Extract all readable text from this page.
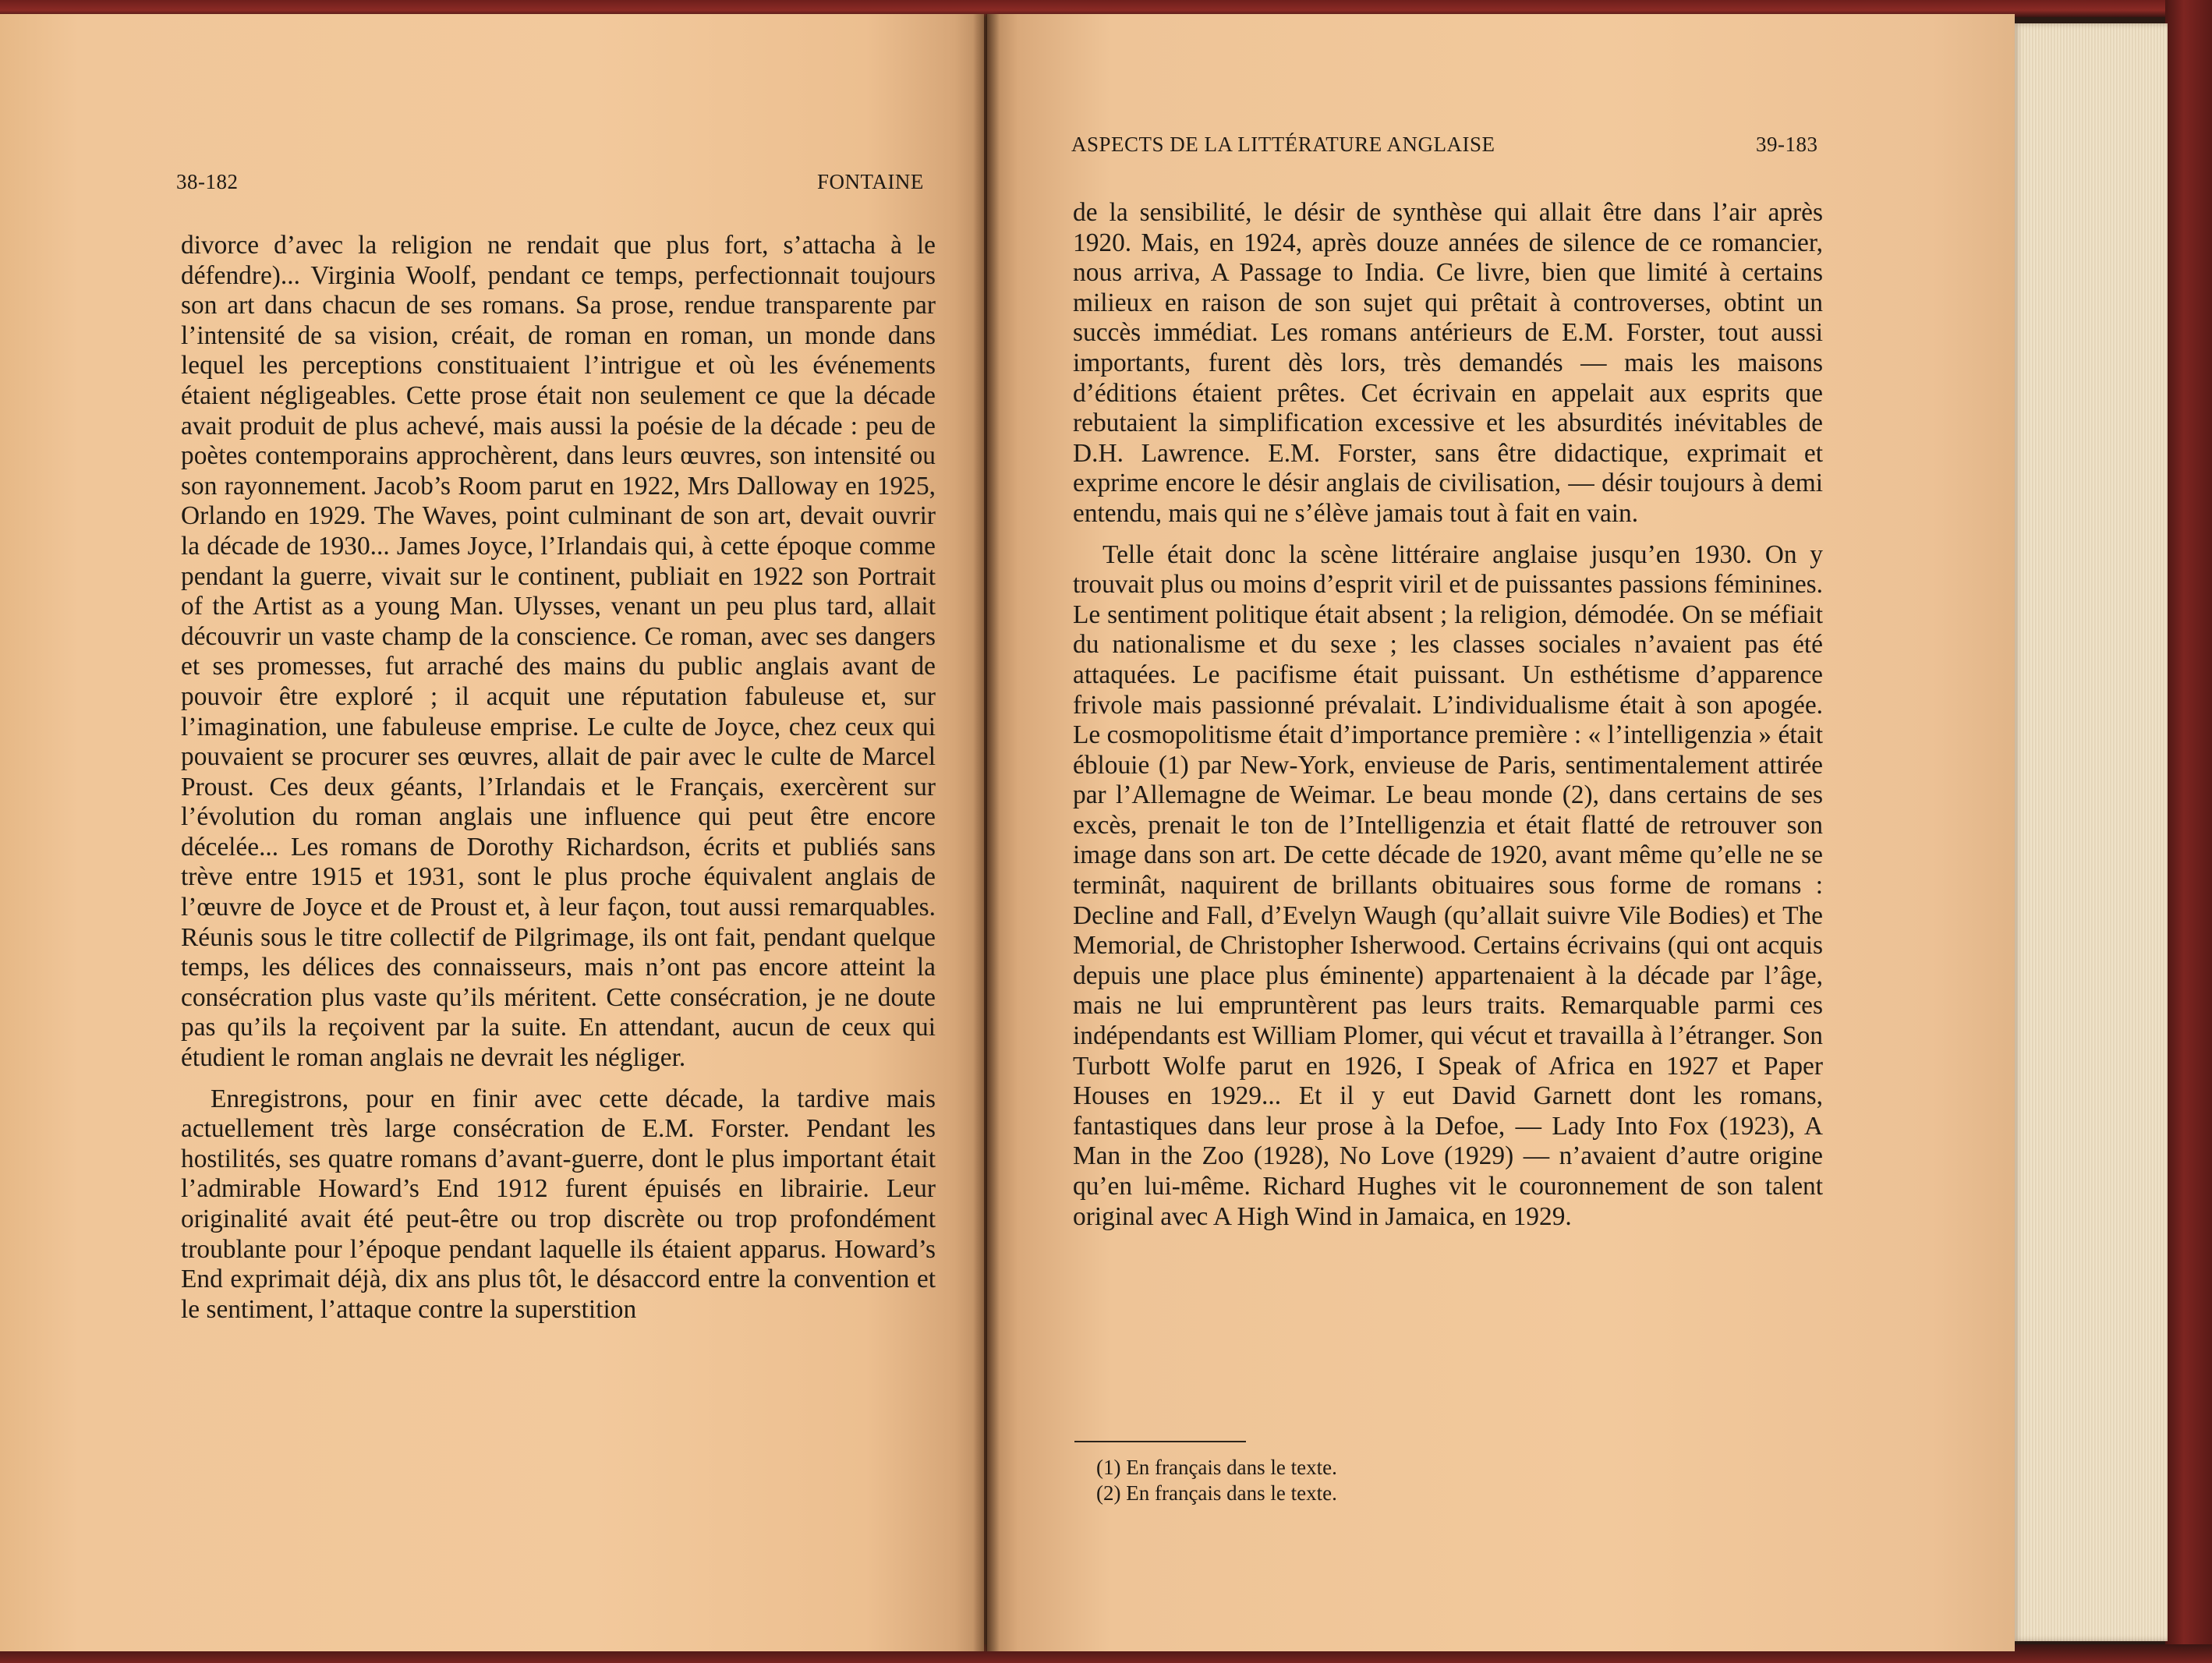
38-182	FONTAINE

divorce d’avec la religion ne rendait que plus fort, s’attacha à le défendre)... Virginia Woolf, pendant ce temps, perfectionnait toujours son art dans chacun de ses romans. Sa prose, rendue transparente par l’intensité de sa vision, créait, de roman en roman, un monde dans lequel les perceptions constituaient l’intrigue et où les événements étaient négligeables. Cette prose était non seulement ce que la décade avait produit de plus achevé, mais aussi la poésie de la décade : peu de poètes contemporains approchèrent, dans leurs œuvres, son intensité ou son rayonnement. Jacob’s Room parut en 1922, Mrs Dalloway en 1925, Orlando en 1929. The Waves, point culminant de son art, devait ouvrir la décade de 1930... James Joyce, l’Irlandais qui, à cette époque comme pendant la guerre, vivait sur le continent, publiait en 1922 son Portrait of the Artist as a young Man. Ulysses, venant un peu plus tard, allait découvrir un vaste champ de la conscience. Ce roman, avec ses dangers et ses promesses, fut arraché des mains du public anglais avant de pouvoir être exploré ; il acquit une réputation fabuleuse et, sur l’imagination, une fabuleuse emprise. Le culte de Joyce, chez ceux qui pouvaient se procurer ses œuvres, allait de pair avec le culte de Marcel Proust. Ces deux géants, l’Irlandais et le Français, exercèrent sur l’évolution du roman anglais une influence qui peut être encore décelée... Les romans de Dorothy Richardson, écrits et publiés sans trève entre 1915 et 1931, sont le plus proche équivalent anglais de l’œuvre de Joyce et de Proust et, à leur façon, tout aussi remarquables. Réunis sous le titre collectif de Pilgrimage, ils ont fait, pendant quelque temps, les délices des connaisseurs, mais n’ont pas encore atteint la consécration plus vaste qu’ils méritent. Cette consécration, je ne doute pas qu’ils la reçoivent par la suite. En attendant, aucun de ceux qui étudient le roman anglais ne devrait les négliger.

Enregistrons, pour en finir avec cette décade, la tardive mais actuellement très large consécration de E.M. Forster. Pendant les hostilités, ses quatre romans d’avant-guerre, dont le plus important était l’admirable Howard’s End 1912 furent épuisés en librairie. Leur originalité avait été peut-être ou trop discrète ou trop profondément troublante pour l’époque pendant laquelle ils étaient apparus. Howard’s End exprimait déjà, dix ans plus tôt, le désaccord entre la convention et le sentiment, l’attaque contre la superstition

ASPECTS DE LA LITTÉRATURE ANGLAISE	39-183

de la sensibilité, le désir de synthèse qui allait être dans l’air après 1920. Mais, en 1924, après douze années de silence de ce romancier, nous arriva, A Passage to India. Ce livre, bien que limité à certains milieux en raison de son sujet qui prêtait à controverses, obtint un succès immédiat. Les romans antérieurs de E.M. Forster, tout aussi importants, furent dès lors, très demandés — mais les maisons d’éditions étaient prêtes. Cet écrivain en appelait aux esprits que rebutaient la simplification excessive et les absurdités inévitables de D.H. Lawrence. E.M. Forster, sans être didactique, exprimait et exprime encore le désir anglais de civilisation, — désir toujours à demi entendu, mais qui ne s’élève jamais tout à fait en vain.

Telle était donc la scène littéraire anglaise jusqu’en 1930. On y trouvait plus ou moins d’esprit viril et de puissantes passions féminines. Le sentiment politique était absent ; la religion, démodée. On se méfiait du nationalisme et du sexe ; les classes sociales n’avaient pas été attaquées. Le pacifisme était puissant. Un esthétisme d’apparence frivole mais passionné prévalait. L’individualisme était à son apogée. Le cosmopolitisme était d’importance première : « l’intelligenzia » était éblouie (1) par New-York, envieuse de Paris, sentimentalement attirée par l’Allemagne de Weimar. Le beau monde (2), dans certains de ses excès, prenait le ton de l’Intelligenzia et était flatté de retrouver son image dans son art. De cette décade de 1920, avant même qu’elle ne se terminât, naquirent de brillants obituaires sous forme de romans : Decline and Fall, d’Evelyn Waugh (qu’allait suivre Vile Bodies) et The Memorial, de Christopher Isherwood. Certains écrivains (qui ont acquis depuis une place plus éminente) appartenaient à la décade par l’âge, mais ne lui empruntèrent pas leurs traits. Remarquable parmi ces indépendants est William Plomer, qui vécut et travailla à l’étranger. Son Turbott Wolfe parut en 1926, I Speak of Africa en 1927 et Paper Houses en 1929... Et il y eut David Garnett dont les romans, fantastiques dans leur prose à la Defoe, — Lady Into Fox (1923), A Man in the Zoo (1928), No Love (1929) — n’avaient d’autre origine qu’en lui-même. Richard Hughes vit le couronnement de son talent original avec A High Wind in Jamaica, en 1929.

(1) En français dans le texte.
(2) En français dans le texte.
